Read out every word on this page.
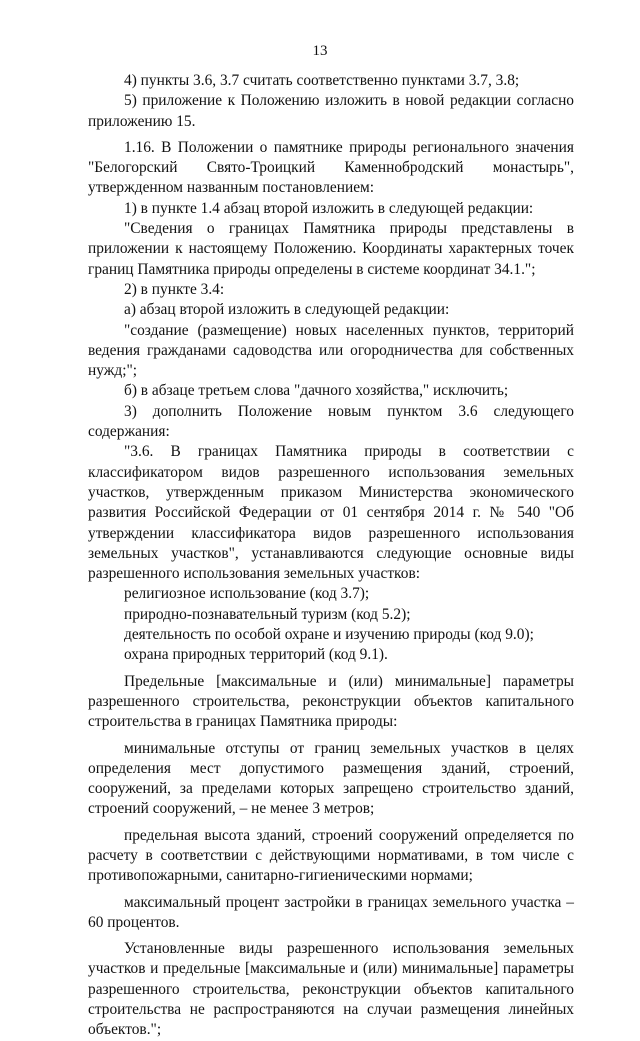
13

4) пункты 3.6, 3.7 считать соответственно пунктами 3.7, 3.8;

5) приложение к Положению изложить в новой редакции согласно приложению 15.

1.16. В Положении о памятнике природы регионального значения "Белогорский Свято-Троицкий Каменнобродский монастырь", утвержденном названным постановлением:

1) в пункте 1.4 абзац второй изложить в следующей редакции:

"Сведения о границах Памятника природы представлены в приложении к настоящему Положению. Координаты характерных точек границ Памятника природы определены в системе координат 34.1.";

2) в пункте 3.4:

а) абзац второй изложить в следующей редакции:

"создание (размещение) новых населенных пунктов, территорий ведения гражданами садоводства или огородничества для собственных нужд;";

б) в абзаце третьем слова "дачного хозяйства," исключить;

3) дополнить Положение новым пунктом 3.6 следующего содержания:

"3.6. В границах Памятника природы в соответствии с классификатором видов разрешенного использования земельных участков, утвержденным приказом Министерства экономического развития Российской Федерации от 01 сентября 2014 г. № 540 "Об утверждении классификатора видов разрешенного использования земельных участков", устанавливаются следующие основные виды разрешенного использования земельных участков:

религиозное использование (код 3.7);

природно-познавательный туризм (код 5.2);

деятельность по особой охране и изучению природы (код 9.0);

охрана природных территорий (код 9.1).

Предельные [максимальные и (или) минимальные] параметры разрешенного строительства, реконструкции объектов капитального строительства в границах Памятника природы:

минимальные отступы от границ земельных участков в целях определения мест допустимого размещения зданий, строений, сооружений, за пределами которых запрещено строительство зданий, строений сооружений, – не менее 3 метров;

предельная высота зданий, строений сооружений определяется по расчету в соответствии с действующими нормативами, в том числе с противопожарными, санитарно-гигиеническими нормами;

максимальный процент застройки в границах земельного участка – 60 процентов.

Установленные виды разрешенного использования земельных участков и предельные [максимальные и (или) минимальные] параметры разрешенного строительства, реконструкции объектов капитального строительства не распространяются на случаи размещения линейных объектов.";
